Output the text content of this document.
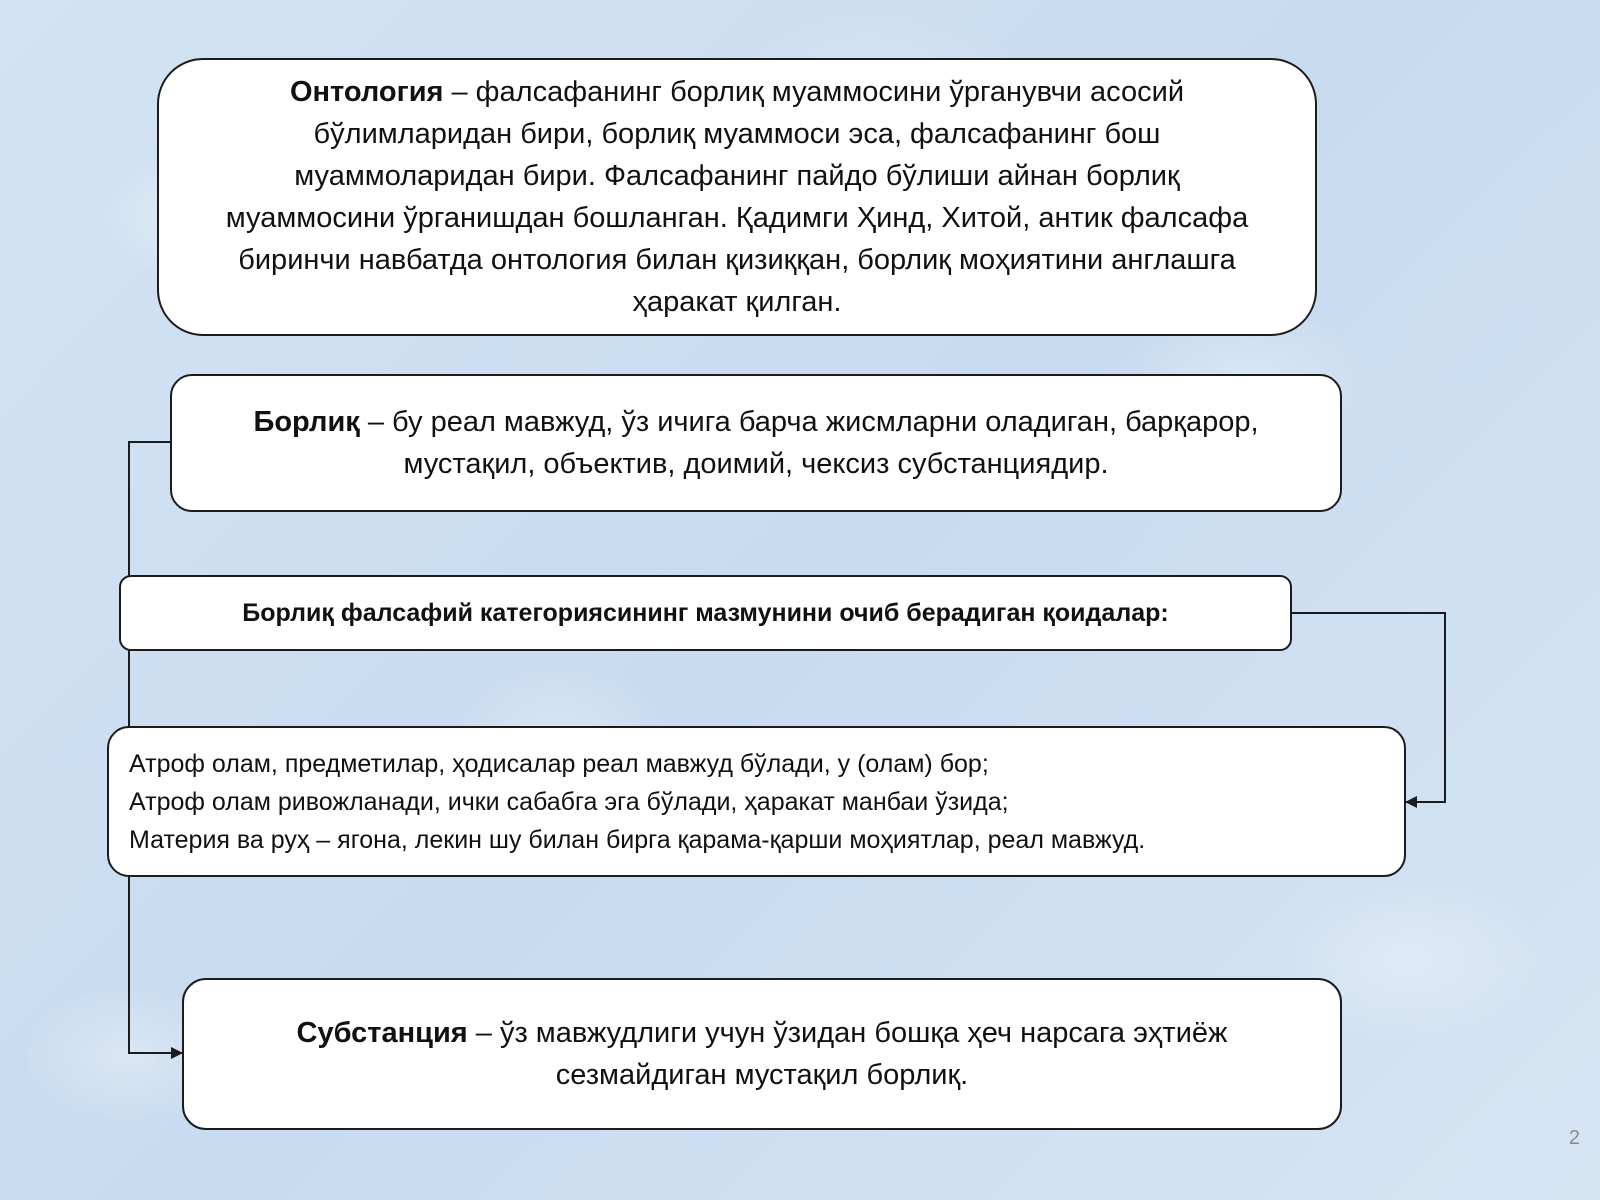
Онтология – фалсафанинг борлиқ муаммосини ўрганувчи асосий бўлимларидан бири, борлиқ муаммоси эса, фалсафанинг бош муаммоларидан бири. Фалсафанинг пайдо бўлиши айнан борлиқ муаммосини ўрганишдан бошланган. Қадимги Ҳинд, Хитой, антик фалсафа биринчи навбатда онтология билан қизиққан, борлиқ моҳиятини англашга ҳаракат қилган.
Борлиқ – бу реал мавжуд, ўз ичига барча жисмларни оладиган, барқарор, мустақил, объектив, доимий, чексиз субстанциядир.
Борлиқ фалсафий категориясининг мазмунини очиб берадиган қоидалар:
Атроф олам, предметилар, ҳодисалар реал мавжуд бўлади, у (олам) бор;
Атроф олам ривожланади, ички сабабга эга бўлади, ҳаракат манбаи ўзида;
Материя ва руҳ – ягона, лекин шу билан бирга қарама-қарши моҳиятлар, реал мавжуд.
Субстанция – ўз мавжудлиги учун ўзидан бошқа ҳеч нарсага эҳтиёж сезмайдиган мустақил борлиқ.
2
